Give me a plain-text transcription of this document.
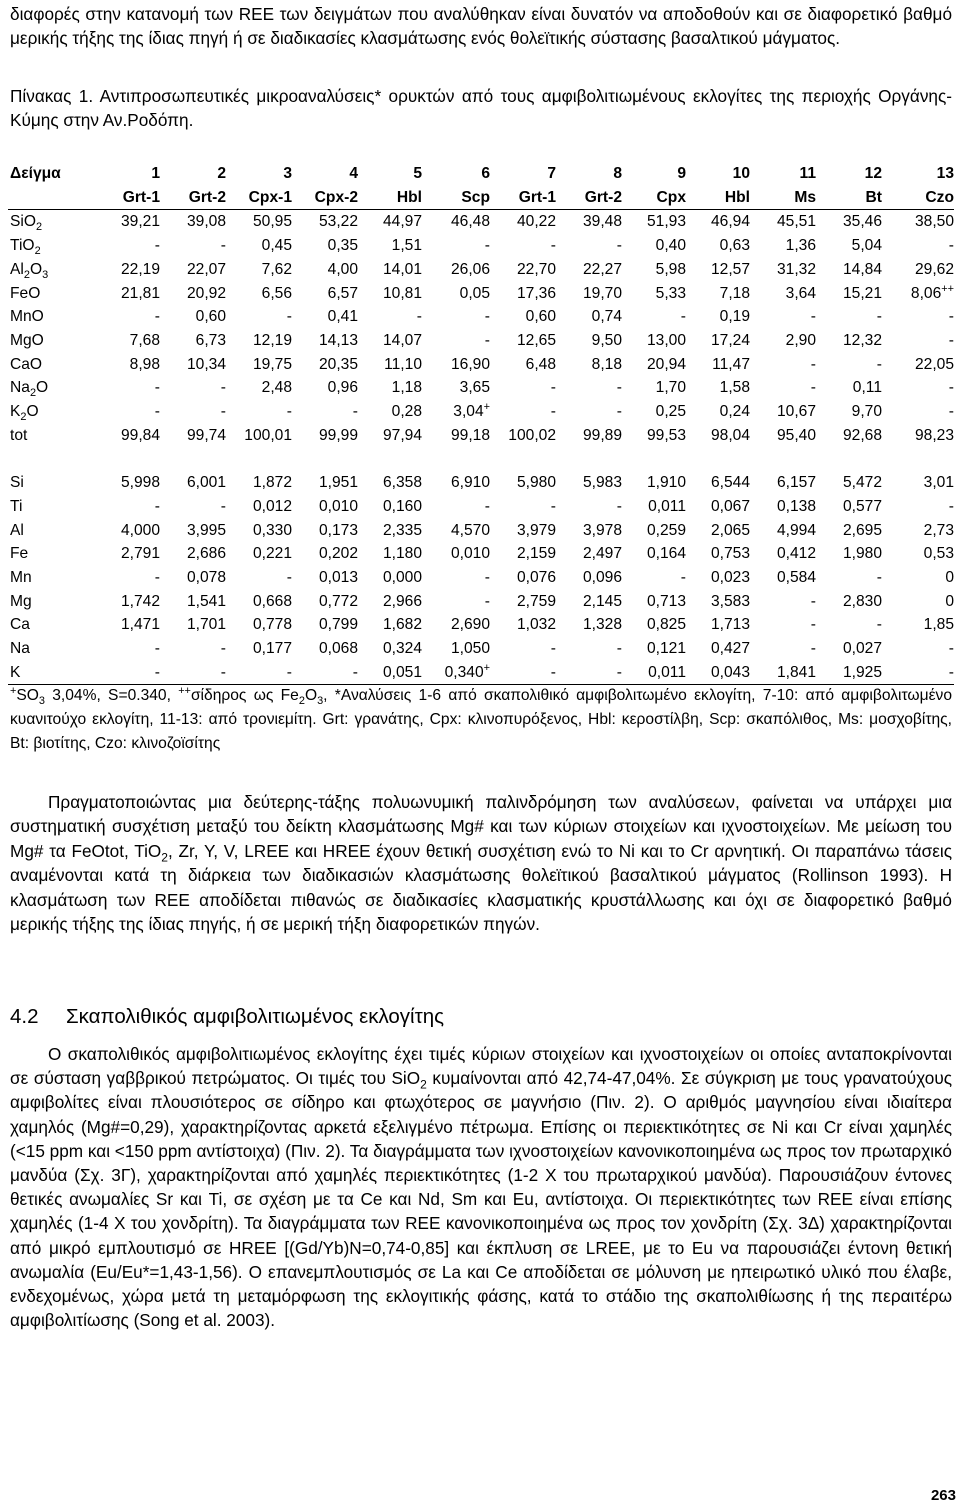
διαφορές στην κατανομή των REE των δειγμάτων που αναλύθηκαν είναι δυνατόν να αποδοθούν και σε διαφορετικό βαθμό μερικής τήξης της ίδιας πηγή ή σε διαδικασίες κλασμάτωσης ενός θολεϊτικής σύστασης βασαλτικού μάγματος.

Πίνακας 1. Αντιπροσωπευτικές μικροαναλύσεις* ορυκτών από τους αμφιβολιτιωμένους εκλογίτες της περιοχής Οργάνης-Κύμης στην Αν.Ροδόπη.

Δείγμα	1	2	3	4	5	6	7	8	9	10	11	12	13
	Grt-1	Grt-2	Cpx-1	Cpx-2	Hbl	Scp	Grt-1	Grt-2	Cpx	Hbl	Ms	Bt	Czo
SiO$_2$	39,21	39,08	50,95	53,22	44,97	46,48	40,22	39,48	51,93	46,94	45,51	35,46	38,50
TiO$_2$	-	-	0,45	0,35	1,51	-	-	-	0,40	0,63	1,36	5,04	-
$Al_2O_3$	22,19	22,07	7,62	4,00	14,01	26,06	22,70	22,27	5,98	12,57	31,32	14,84	29,62
FeO	21,81	20,92	6,56	6,57	10,81	0,05	17,36	19,70	5,33	7,18	3,64	15,21	8,06++
MnO	-	0,60	-	0,41	-	-	0,60	0,74	-	0,19	-	-	-
MgO	7,68	6,73	12,19	14,13	14,07	-	12,65	9,50	13,00	17,24	2,90	12,32	-
CaO	8,98	10,34	19,75	20,35	11,10	16,90	6,48	8,18	20,94	11,47	-	-	22,05
$Na_2O$	-	-	2,48	0,96	1,18	3,65	-	-	1,70	1,58	-	0,11	-
$K_2O$	-	-	-	-	0,28	3,04+	-	-	0,25	0,24	10,67	9,70	-
tot	99,84	99,74	100,01	99,99	97,94	99,18	100,02	99,89	99,53	98,04	95,40	92,68	98,23

Si	5,998	6,001	1,872	1,951	6,358	6,910	5,980	5,983	1,910	6,544	6,157	5,472	3,01
Ti	-	-	0,012	0,010	0,160	-	-	-	0,011	0,067	0,138	0,577	-
Al	4,000	3,995	0,330	0,173	2,335	4,570	3,979	3,978	0,259	2,065	4,994	2,695	2,73
Fe	2,791	2,686	0,221	0,202	1,180	0,010	2,159	2,497	0,164	0,753	0,412	1,980	0,53
Mn	-	0,078	-	0,013	0,000	-	0,076	0,096	-	0,023	0,584	-	0
Mg	1,742	1,541	0,668	0,772	2,966	-	2,759	2,145	0,713	3,583	-	2,830	0
Ca	1,471	1,701	0,778	0,799	1,682	2,690	1,032	1,328	0,825	1,713	-	-	1,85
Na	-	-	0,177	0,068	0,324	1,050	-	-	0,121	0,427	-	0,027	-
K	-	-	-	-	0,051	0,340+	-	-	0,011	0,043	1,841	1,925	-

$^+SO_3$ 3,04%, S=0.340, ++σίδηρος ως $Fe_2O_3$, *Αναλύσεις 1-6 από σκαπολιθικό αμφιβολιτωμένο εκλογίτη, 7-10: από αμφιβολιτωμένο κυανιτούχο εκλογίτη, 11-13: από τρονιεμίτη. Grt: γρανάτης, Cpx: κλινοπυρόξενος, Hbl: κεροστίλβη, Scp: σκαπόλιθος, Ms: μοσχοβίτης, Bt: βιοτίτης, Czo: κλινοζοϊσίτης

Πραγματοποιώντας μια δεύτερης-τάξης πολυωνυμική παλινδρόμηση των αναλύσεων, φαίνεται να υπάρχει μια συστηματική συσχέτιση μεταξύ του δείκτη κλασμάτωσης Mg# και των κύριων στοιχείων και ιχνοστοιχείων. Με μείωση του Mg# τα FeOtot, TiO$_2$, Zr, Y, V, LREE και HREE έχουν θετική συσχέτιση ενώ το Ni και το Cr αρνητική. Οι παραπάνω τάσεις αναμένονται κατά τη διάρκεια των διαδικασιών κλασμάτωσης θολεϊτικού βασαλτικού μάγματος (Rollinson 1993). Η κλασμάτωση των REE αποδίδεται πιθανώς σε διαδικασίες κλασματικής κρυστάλλωσης και όχι σε διαφορετικό βαθμό μερικής τήξης της ίδιας πηγής, ή σε μερική τήξη διαφορετικών πηγών.

4.2 Σκαπολιθικός αμφιβολιτιωμένος εκλογίτης

Ο σκαπολιθικός αμφιβολιτιωμένος εκλογίτης έχει τιμές κύριων στοιχείων και ιχνοστοιχείων οι οποίες ανταποκρίνονται σε σύσταση γαββρικού πετρώματος. Οι τιμές του SiO$_2$ κυμαίνονται από 42,74-47,04%. Σε σύγκριση με τους γρανατούχους αμφιβολίτες είναι πλουσιότερος σε σίδηρο και φτωχότερος σε μαγνήσιο (Πιν. 2). Ο αριθμός μαγνησίου είναι ιδιαίτερα χαμηλός (Mg#=0,29), χαρακτηρίζοντας αρκετά εξελιγμένο πέτρωμα. Επίσης οι περιεκτικότητες σε Ni και Cr είναι χαμηλές (<15 ppm και <150 ppm αντίστοιχα) (Πιν. 2). Τα διαγράμματα των ιχνοστοιχείων κανονικοποιημένα ως προς τον πρωταρχικό μανδύα (Σχ. 3Γ), χαρακτηρίζονται από χαμηλές περιεκτικότητες (1-2 Χ του πρωταρχικού μανδύα). Παρουσιάζουν έντονες θετικές ανωμαλίες Sr και Ti, σε σχέση με τα Ce και Nd, Sm και Eu, αντίστοιχα. Οι περιεκτικότητες των REE είναι επίσης χαμηλές (1-4 Χ του χονδρίτη). Τα διαγράμματα των REE κανονικοποιημένα ως προς τον χονδρίτη (Σχ. 3Δ) χαρακτηρίζονται από μικρό εμπλουτισμό σε HREE [(Gd/Yb)N=0,74-0,85] και έκπλυση σε LREE, με το Eu να παρουσιάζει έντονη θετική ανωμαλία (Eu/Eu*=1,43-1,56). Ο επανεμπλουτισμός σε La και Ce αποδίδεται σε μόλυνση με ηπειρωτικό υλικό που έλαβε, ενδεχομένως, χώρα μετά τη μεταμόρφωση της εκλογιτικής φάσης, κατά το στάδιο της σκαπολιθίωσης ή της περαιτέρω αμφιβολιτίωσης (Song et al. 2003).

263
